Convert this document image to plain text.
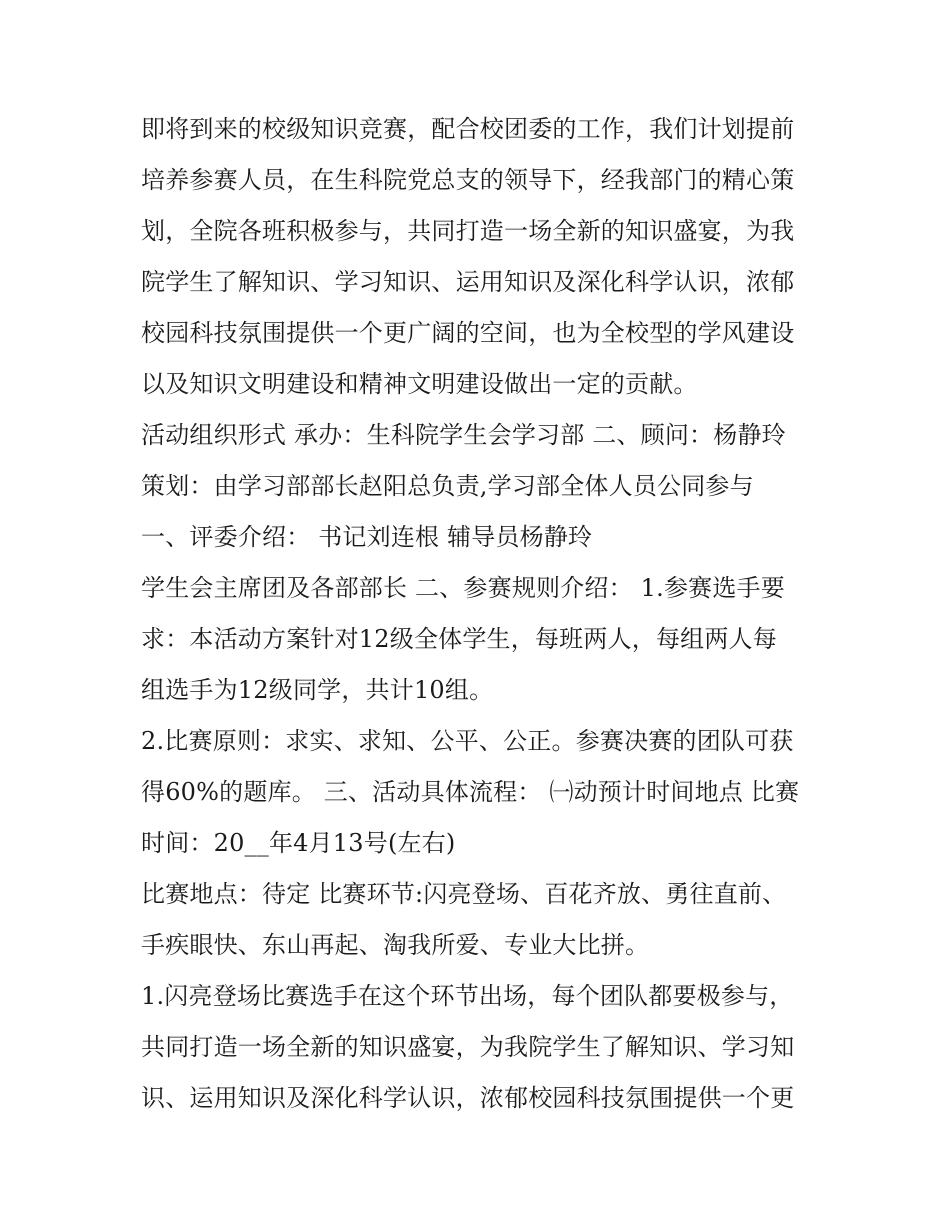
即将到来的校级知识竞赛，配合校团委的工作，我们计划提前
培养参赛人员，在生科院党总支的领导下，经我部门的精心策
划，全院各班积极参与，共同打造一场全新的知识盛宴，为我
院学生了解知识、学习知识、运用知识及深化科学认识，浓郁
校园科技氛围提供一个更广阔的空间，也为全校型的学风建设
以及知识文明建设和精神文明建设做出一定的贡献。
活动组织形式 承办：生科院学生会学习部 二、顾问：杨静玲
策划：由学习部部长赵阳总负责,学习部全体人员公同参与
一、评委介绍： 书记刘连根 辅导员杨静玲
学生会主席团及各部部长 二、参赛规则介绍： 1.参赛选手要
求：本活动方案针对12级全体学生，每班两人，每组两人每
组选手为12级同学，共计10组。
2.比赛原则：求实、求知、公平、公正。参赛决赛的团队可获
得60%的题库。 三、活动具体流程： ㈠动预计时间地点 比赛
时间：20__年4月13号(左右)
比赛地点：待定 比赛环节:闪亮登场、百花齐放、勇往直前、
手疾眼快、东山再起、淘我所爱、专业大比拼。
1.闪亮登场比赛选手在这个环节出场，每个团队都要极参与，
共同打造一场全新的知识盛宴，为我院学生了解知识、学习知
识、运用知识及深化科学认识，浓郁校园科技氛围提供一个更
